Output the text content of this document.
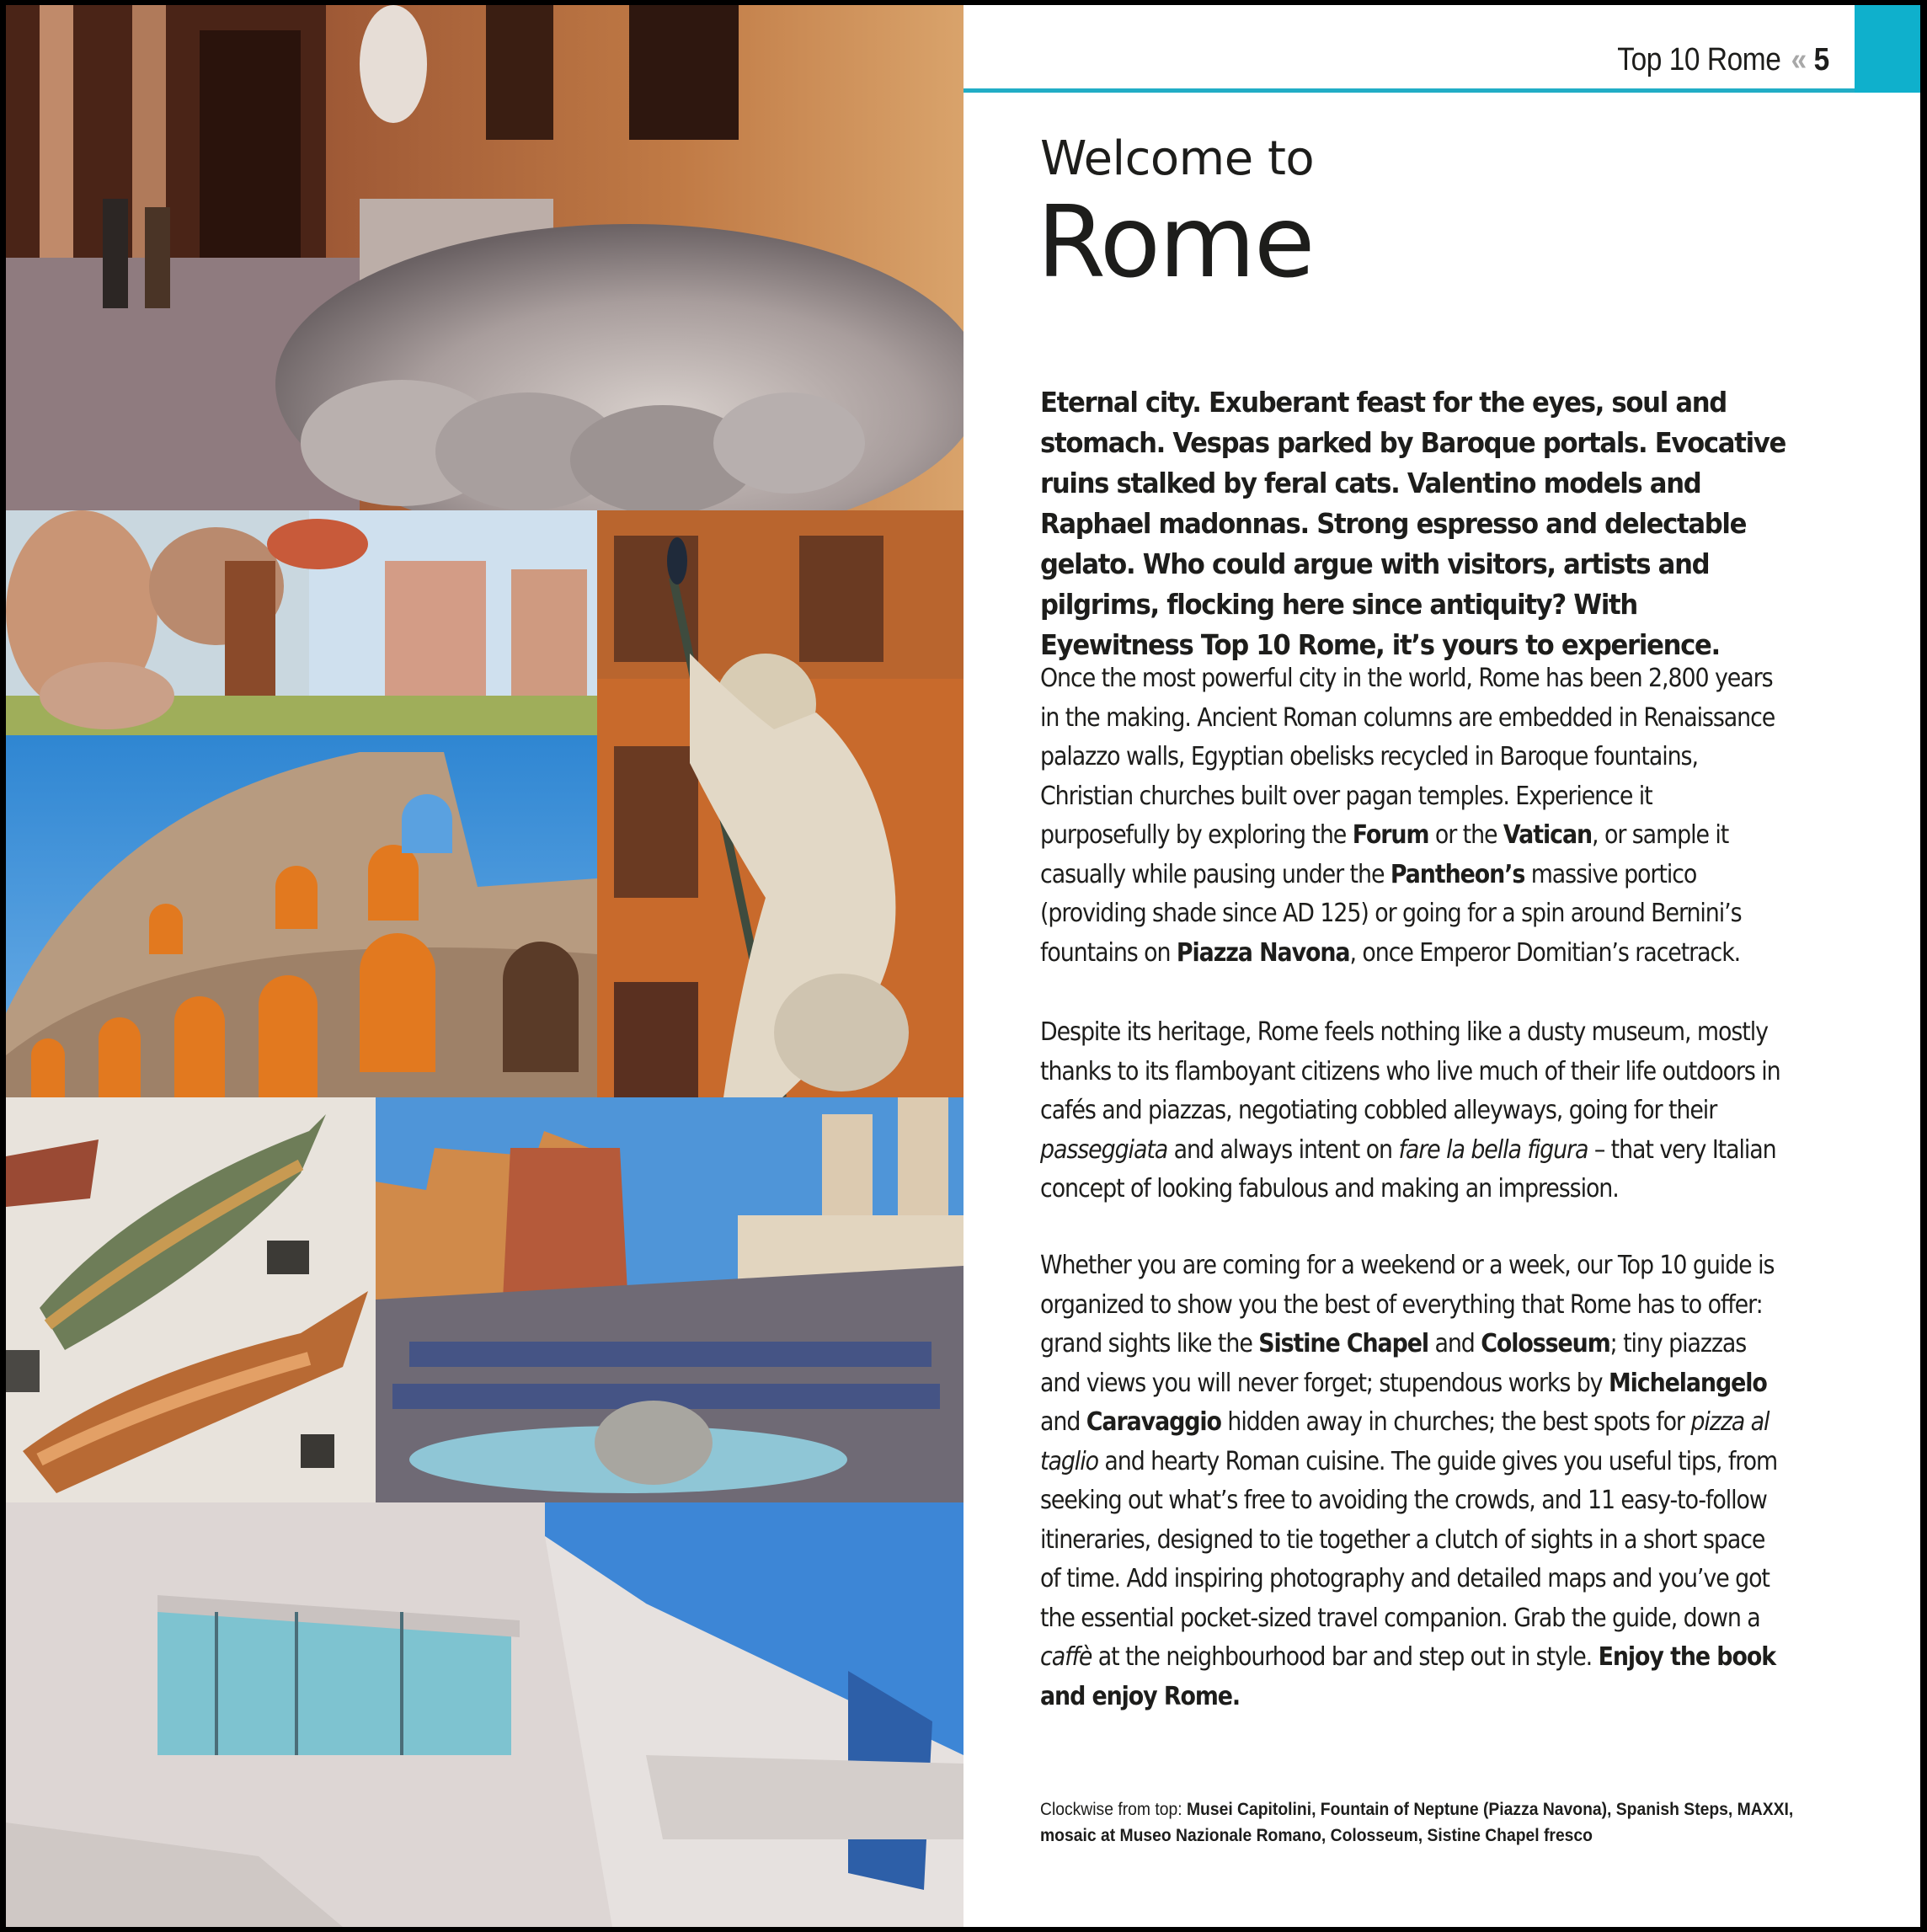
Top 10 Rome « 5
Welcome to
Rome
Eternal city. Exuberant feast for the eyes, soul and stomach. Vespas parked by Baroque portals. Evocative ruins stalked by feral cats. Valentino models and Raphael madonnas. Strong espresso and delectable gelato. Who could argue with visitors, artists and pilgrims, flocking here since antiquity? With Eyewitness Top 10 Rome, it’s yours to experience.
Once the most powerful city in the world, Rome has been 2,800 years in the making. Ancient Roman columns are embedded in Renaissance palazzo walls, Egyptian obelisks recycled in Baroque fountains, Christian churches built over pagan temples. Experience it purposefully by exploring the Forum or the Vatican, or sample it casually while pausing under the Pantheon’s massive portico (providing shade since AD 125) or going for a spin around Bernini’s fountains on Piazza Navona, once Emperor Domitian’s racetrack.
Despite its heritage, Rome feels nothing like a dusty museum, mostly thanks to its flamboyant citizens who live much of their life outdoors in cafés and piazzas, negotiating cobbled alleyways, going for their passeggiata and always intent on fare la bella figura – that very Italian concept of looking fabulous and making an impression.
Whether you are coming for a weekend or a week, our Top 10 guide is organized to show you the best of everything that Rome has to offer: grand sights like the Sistine Chapel and Colosseum; tiny piazzas and views you will never forget; stupendous works by Michelangelo and Caravaggio hidden away in churches; the best spots for pizza al taglio and hearty Roman cuisine. The guide gives you useful tips, from seeking out what’s free to avoiding the crowds, and 11 easy-to-follow itineraries, designed to tie together a clutch of sights in a short space of time. Add inspiring photography and detailed maps and you’ve got the essential pocket-sized travel companion. Grab the guide, down a caffè at the neighbourhood bar and step out in style. Enjoy the book and enjoy Rome.
Clockwise from top: Musei Capitolini, Fountain of Neptune (Piazza Navona), Spanish Steps, MAXXI, mosaic at Museo Nazionale Romano, Colosseum, Sistine Chapel fresco
